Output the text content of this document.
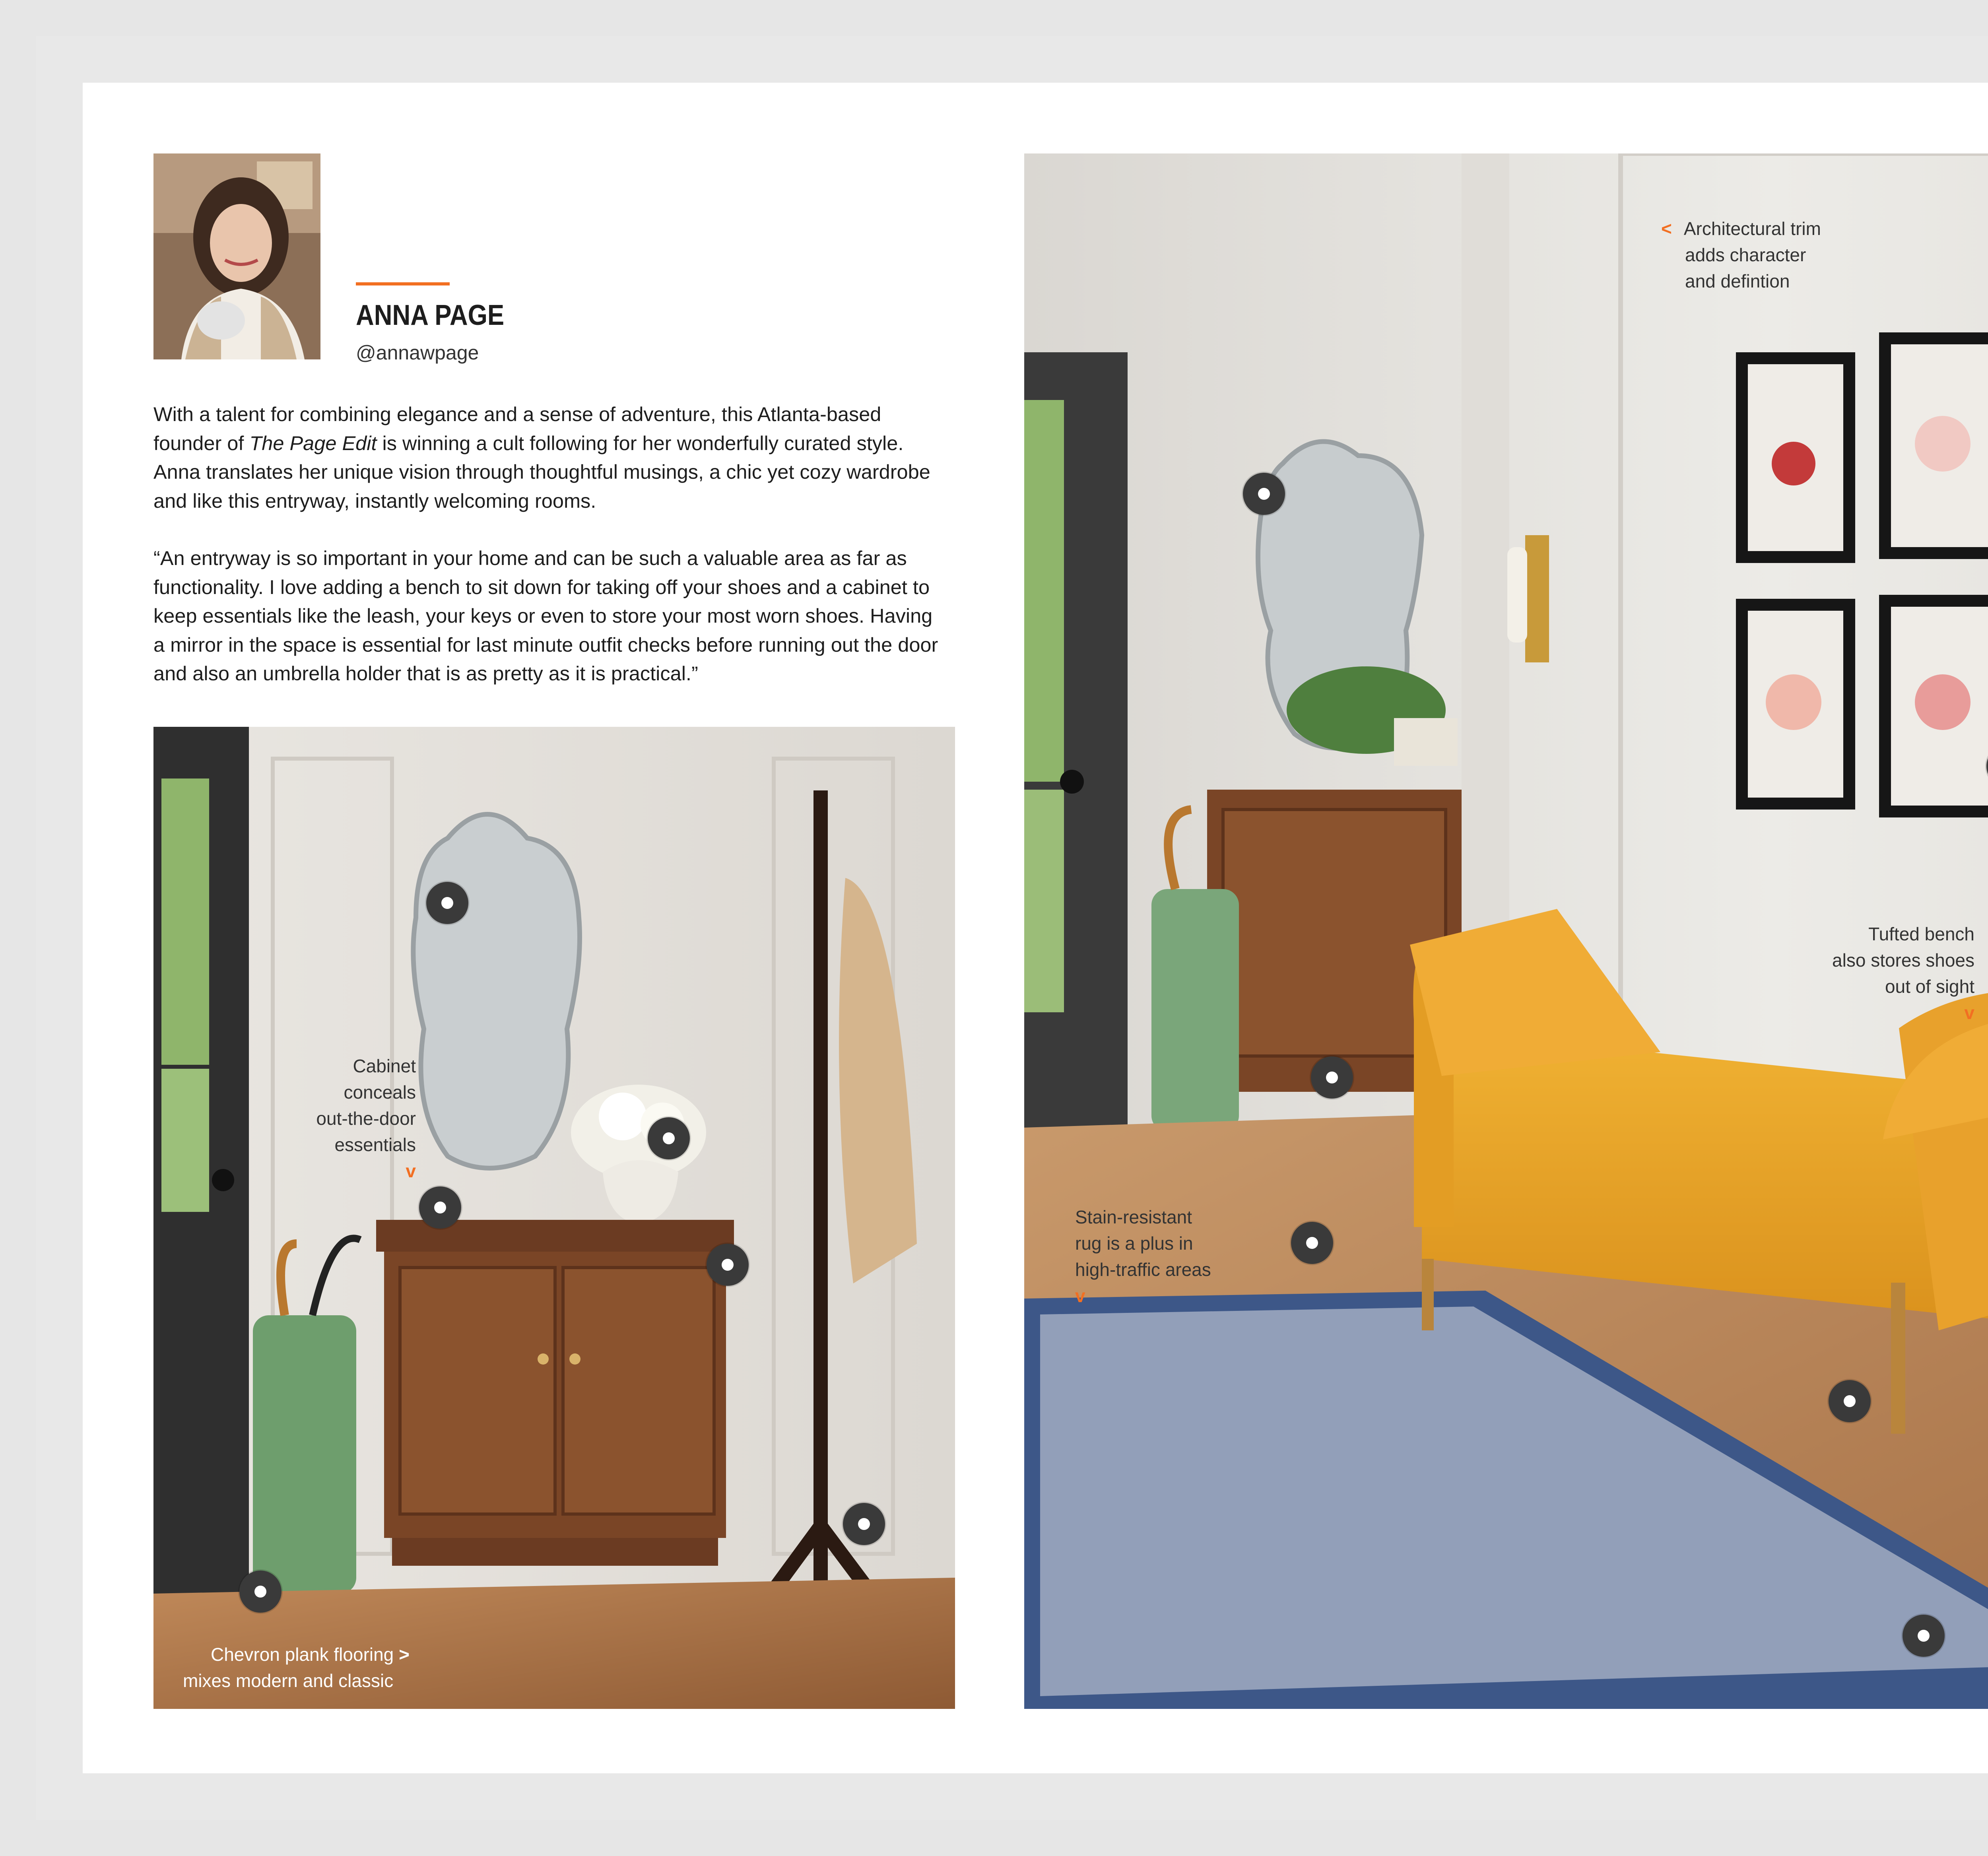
ANNA PAGE
@annawpage

With a talent for combining elegance and a sense of adventure, this Atlanta-based founder of The Page Edit is winning a cult following for her wonderfully curated style. Anna translates her unique vision through thoughtful musings, a chic yet cozy wardrobe and like this entryway, instantly welcoming rooms.

“An entryway is so important in your home and can be such a valuable area as far as functionality. I love adding a bench to sit down for taking off your shoes and a cabinet to keep essentials like the leash, your keys or even to store your most worn shoes. Having a mirror in the space is essential for last minute outfit checks before running out the door and also an umbrella holder that is as pretty as it is practical.”

Cabinet
conceals
out-the-door
essentials
v
Chevron plank flooring >
mixes modern and classic
< Architectural trim
adds character
and defintion
Tufted bench
also stores shoes
out of sight
v
Stain-resistant
rug is a plus in
high-traffic areas
v
